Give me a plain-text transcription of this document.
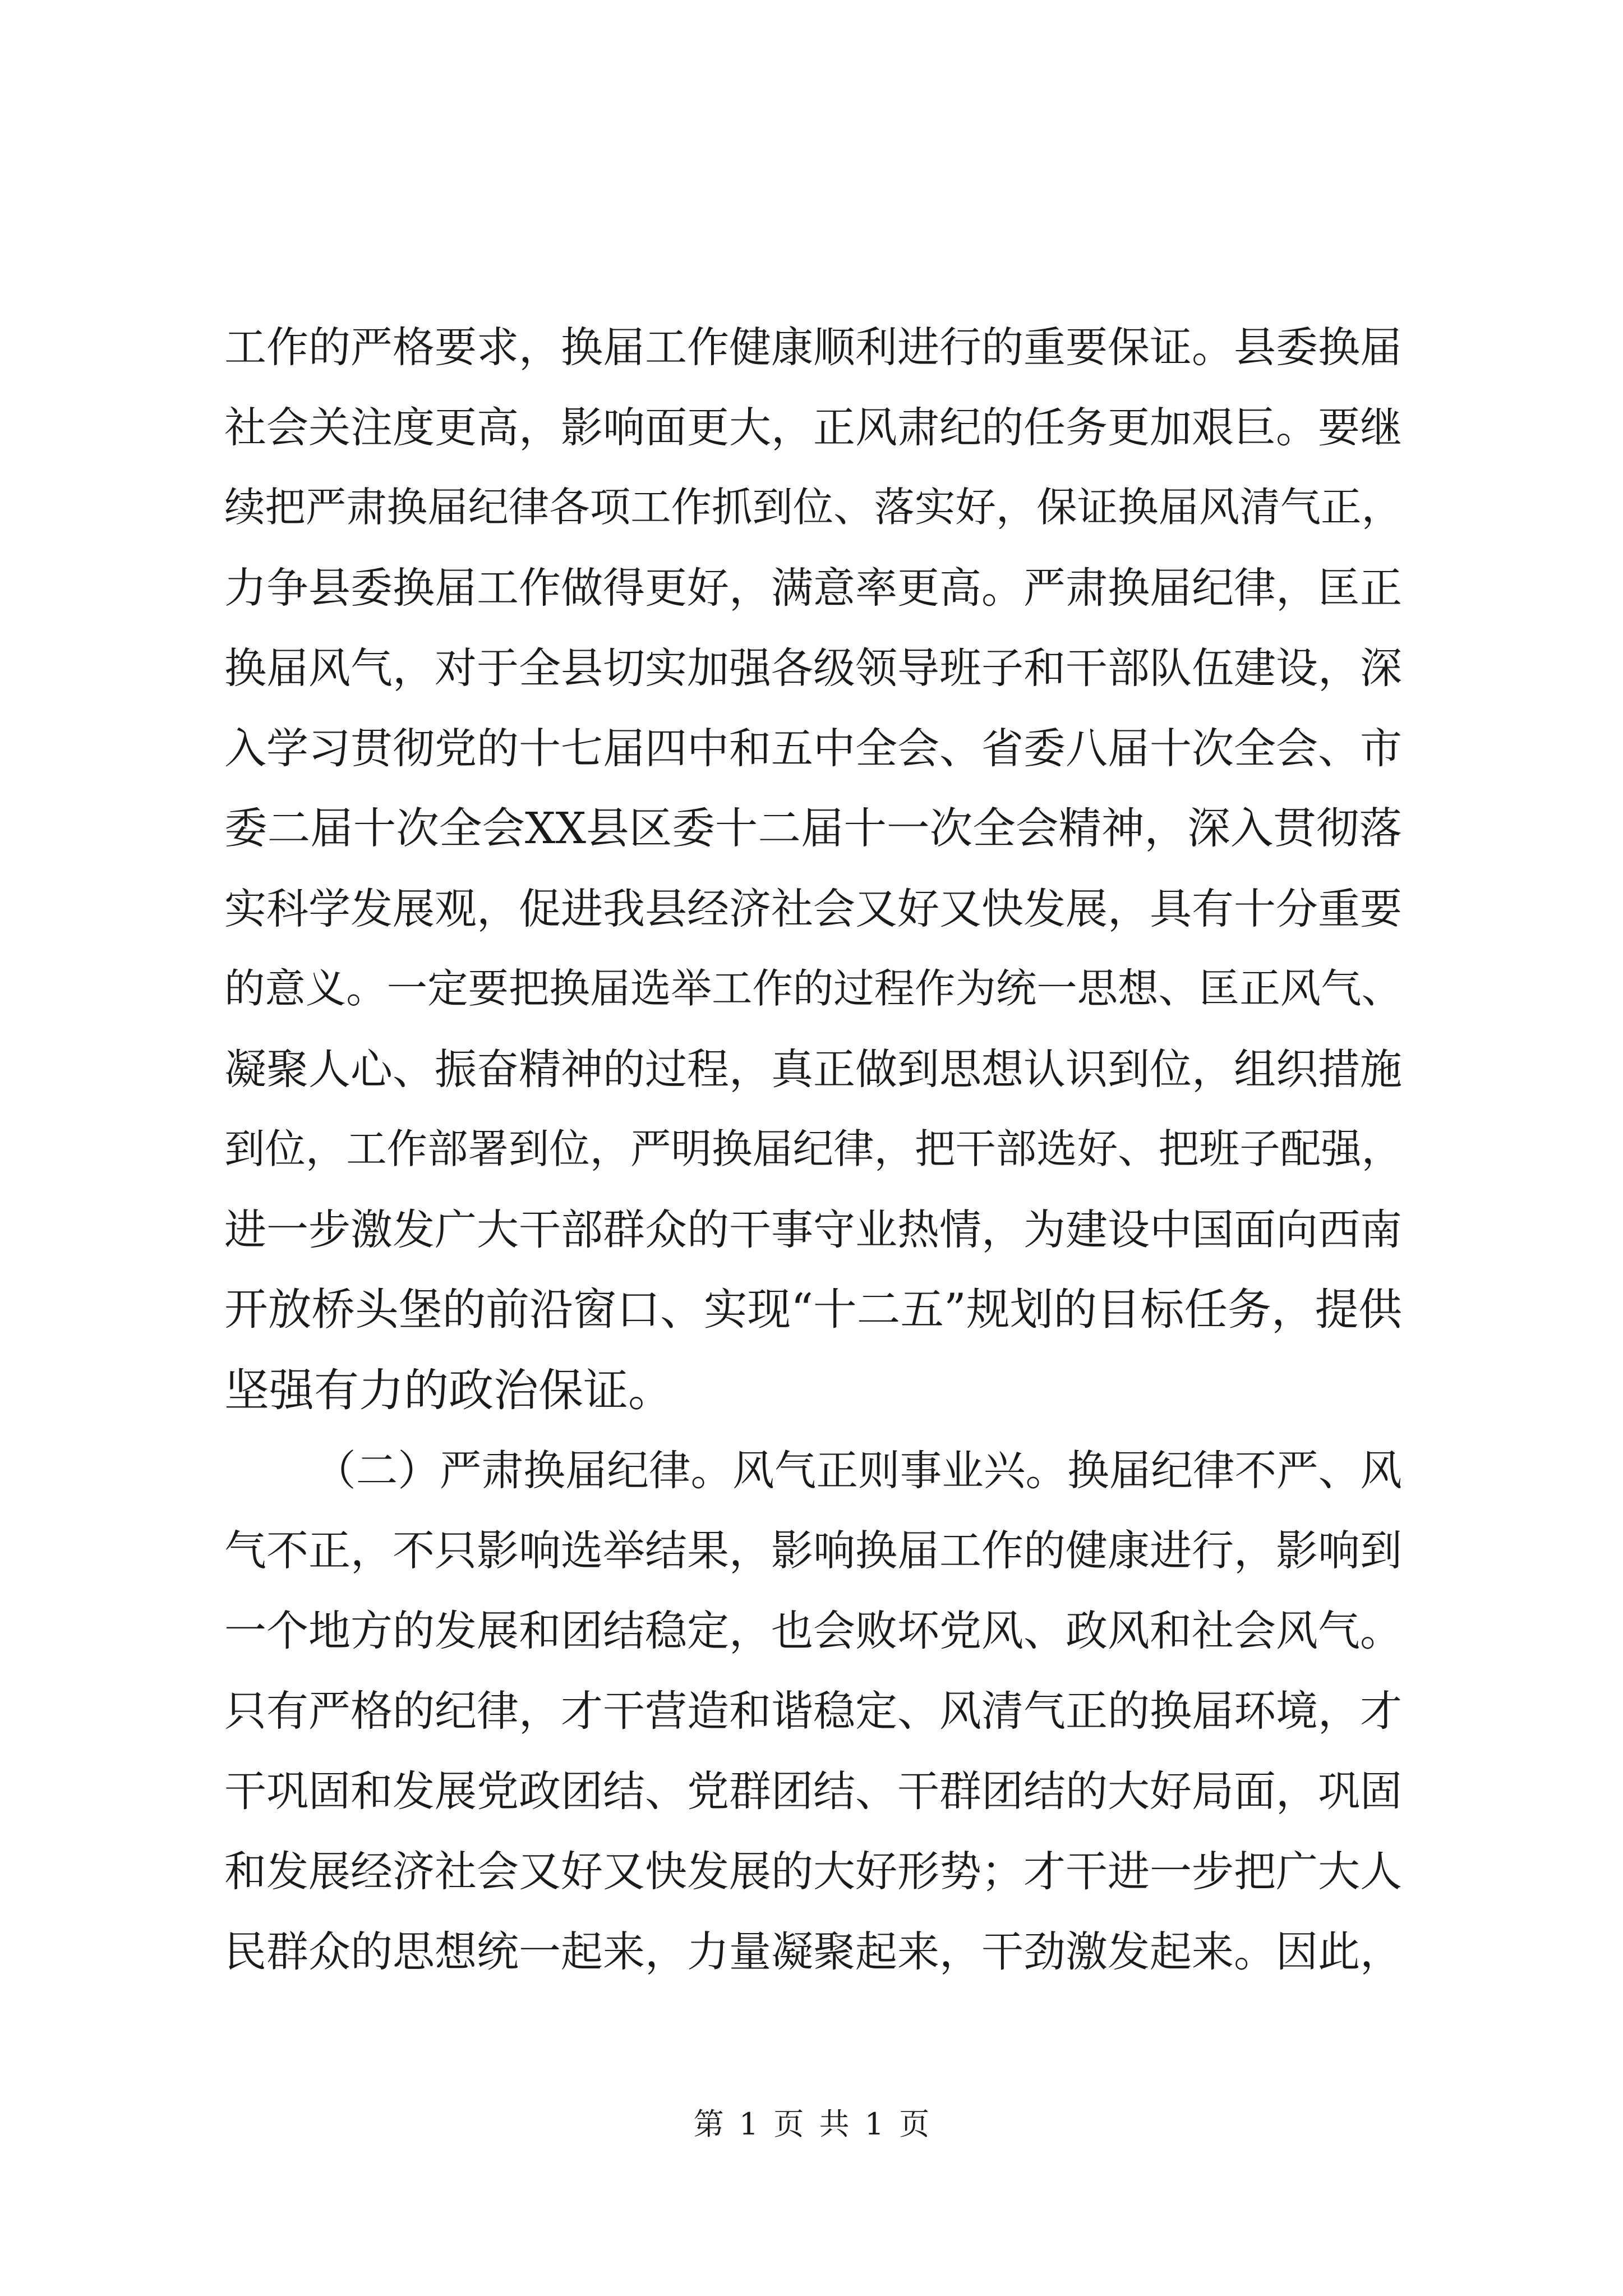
工作的严格要求，换届工作健康顺利进行的重要保证。县委换届
社会关注度更高，影响面更大，正风肃纪的任务更加艰巨。要继
续把严肃换届纪律各项工作抓到位、落实好，保证换届风清气正，
力争县委换届工作做得更好，满意率更高。严肃换届纪律，匡正
换届风气，对于全县切实加强各级领导班子和干部队伍建设，深
入学习贯彻党的十七届四中和五中全会、省委八届十次全会、市
委二届十次全会XX县区委十二届十一次全会精神，深入贯彻落
实科学发展观，促进我县经济社会又好又快发展，具有十分重要
的意义。一定要把换届选举工作的过程作为统一思想、匡正风气、
凝聚人心、振奋精神的过程，真正做到思想认识到位，组织措施
到位，工作部署到位，严明换届纪律，把干部选好、把班子配强，
进一步激发广大干部群众的干事守业热情，为建设中国面向西南
开放桥头堡的前沿窗口、实现“十二五”规划的目标任务，提供
坚强有力的政治保证。
（二）严肃换届纪律。风气正则事业兴。换届纪律不严、风
气不正，不只影响选举结果，影响换届工作的健康进行，影响到
一个地方的发展和团结稳定，也会败坏党风、政风和社会风气。
只有严格的纪律，才干营造和谐稳定、风清气正的换届环境，才
干巩固和发展党政团结、党群团结、干群团结的大好局面，巩固
和发展经济社会又好又快发展的大好形势；才干进一步把广大人
民群众的思想统一起来，力量凝聚起来，干劲激发起来。因此，
第 1 页 共 1 页
